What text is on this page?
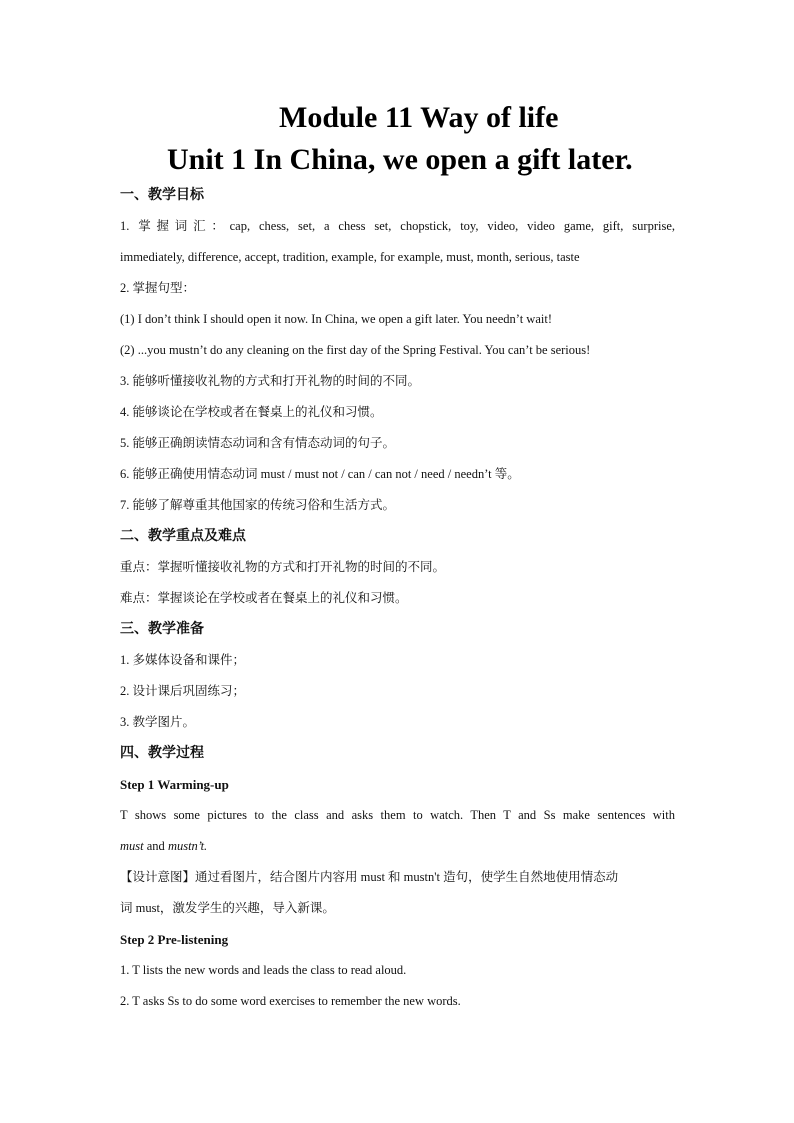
Module 11 Way of life
Unit 1 In China, we open a gift later.
一、教学目标
1. 掌握词汇：cap, chess, set, a chess set, chopstick, toy, video, video game, gift, surprise,
immediately, difference, accept, tradition, example, for example, must, month, serious, taste
2. 掌握句型：
(1) I don’t think I should open it now. In China, we open a gift later. You needn’t wait!
(2) ...you mustn’t do any cleaning on the first day of the Spring Festival. You can’t be serious!
3. 能够听懂接收礼物的方式和打开礼物的时间的不同。
4. 能够谈论在学校或者在餐桌上的礼仪和习惯。
5. 能够正确朗读情态动词和含有情态动词的句子。
6. 能够正确使用情态动词 must / must not / can / can not / need / needn’t 等。
7. 能够了解尊重其他国家的传统习俗和生活方式。
二、教学重点及难点
重点：掌握听懂接收礼物的方式和打开礼物的时间的不同。
难点：掌握谈论在学校或者在餐桌上的礼仪和习惯。
三、教学准备
1. 多媒体设备和课件；
2. 设计课后巩固练习；
3. 教学图片。
四、教学过程
Step 1 Warming-up
T shows some pictures to the class and asks them to watch. Then T and Ss make sentences with
must and mustn’t.
【设计意图】通过看图片，结合图片内容用 must 和 mustn't 造句，使学生自然地使用情态动
词 must，激发学生的兴趣，导入新课。
Step 2 Pre-listening
1. T lists the new words and leads the class to read aloud.
2. T asks Ss to do some word exercises to remember the new words.
